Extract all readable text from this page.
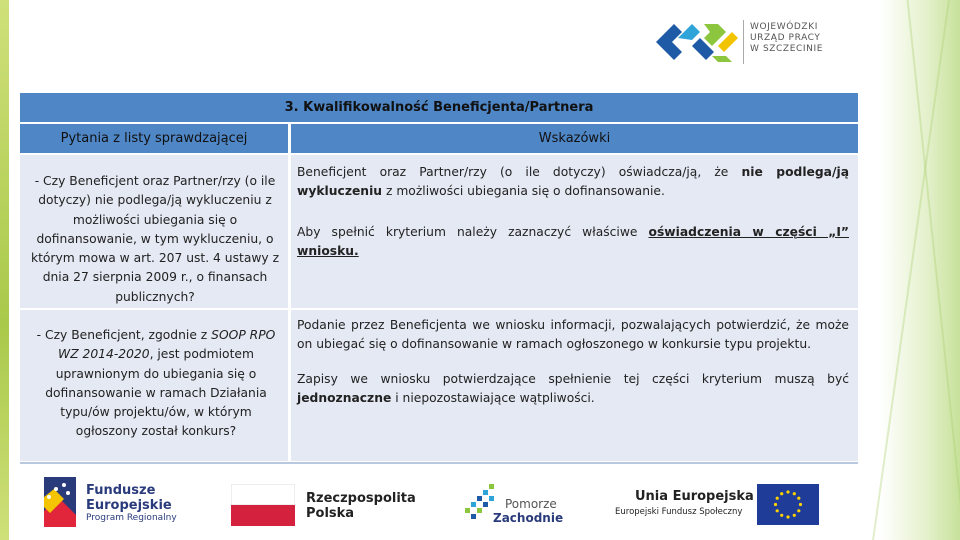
WOJEWÓDZKI
URZĄD PRACY
W SZCZECINIE
3. Kwalifikowalność Beneficjenta/Partnera
Pytania z listy sprawdzającej	Wskazówki
- Czy Beneficjent oraz Partner/rzy (o ile dotyczy) nie podlega/ją wykluczeniu z możliwości ubiegania się o dofinansowanie, w tym wykluczeniu, o którym mowa w art. 207 ust. 4 ustawy z dnia 27 sierpnia 2009 r., o finansach publicznych?

Beneficjent oraz Partner/rzy (o ile dotyczy) oświadcza/ją, że nie podlega/ją wykluczeniu z możliwości ubiegania się o dofinansowanie.

Aby spełnić kryterium należy zaznaczyć właściwe oświadczenia w części „I” wniosku.

- Czy Beneficjent, zgodnie z SOOP RPO WZ 2014-2020, jest podmiotem uprawnionym do ubiegania się o dofinansowanie w ramach Działania typu/ów projektu/ów, w którym ogłoszony został konkurs?

Podanie przez Beneficjenta we wniosku informacji, pozwalających potwierdzić, że może on ubiegać się o dofinansowanie w ramach ogłoszonego w konkursie typu projektu.

Zapisy we wniosku potwierdzające spełnienie tej części kryterium muszą być jednoznaczne i niepozostawiające wątpliwości.

Fundusze
Europejskie
Program Regionalny
Rzeczpospolita
Polska
Pomorze
Zachodnie
Unia Europejska
Europejski Fundusz Społeczny
